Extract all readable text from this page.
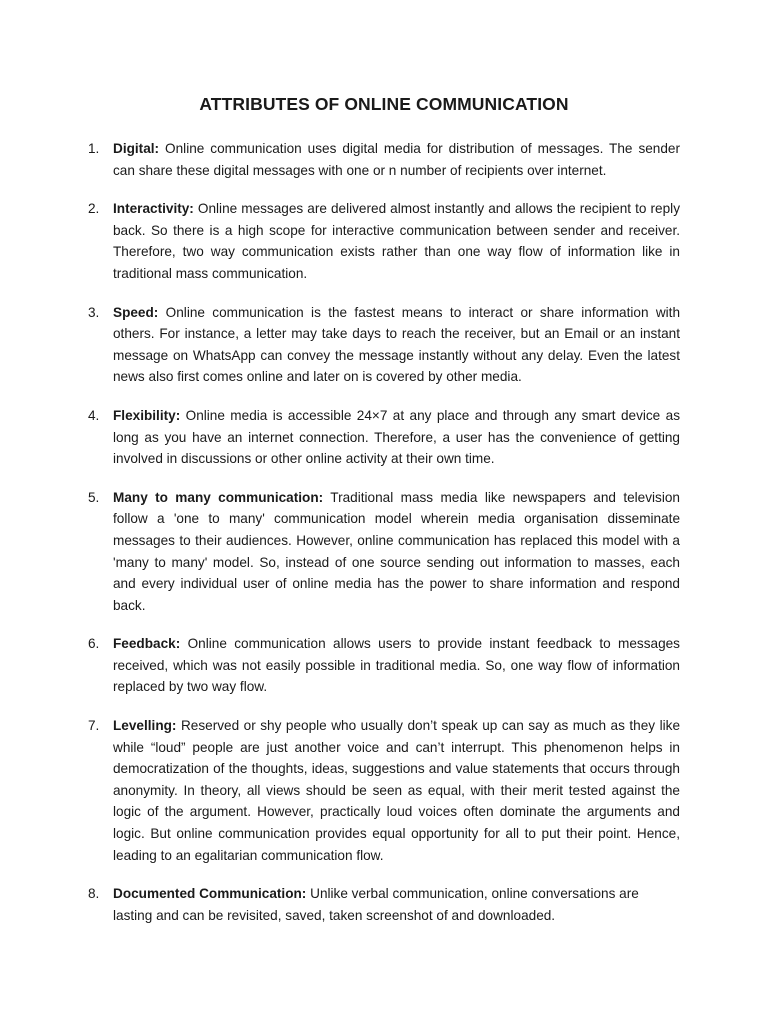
ATTRIBUTES OF ONLINE COMMUNICATION
1. Digital: Online communication uses digital media for distribution of messages. The sender can share these digital messages with one or n number of recipients over internet.
2. Interactivity: Online messages are delivered almost instantly and allows the recipient to reply back. So there is a high scope for interactive communication between sender and receiver. Therefore, two way communication exists rather than one way flow of information like in traditional mass communication.
3. Speed: Online communication is the fastest means to interact or share information with others. For instance, a letter may take days to reach the receiver, but an Email or an instant message on WhatsApp can convey the message instantly without any delay. Even the latest news also first comes online and later on is covered by other media.
4. Flexibility: Online media is accessible 24×7 at any place and through any smart device as long as you have an internet connection. Therefore, a user has the convenience of getting involved in discussions or other online activity at their own time.
5. Many to many communication: Traditional mass media like newspapers and television follow a 'one to many' communication model wherein media organisation disseminate messages to their audiences. However, online communication has replaced this model with a 'many to many' model. So, instead of one source sending out information to masses, each and every individual user of online media has the power to share information and respond back.
6. Feedback: Online communication allows users to provide instant feedback to messages received, which was not easily possible in traditional media. So, one way flow of information replaced by two way flow.
7. Levelling: Reserved or shy people who usually don’t speak up can say as much as they like while “loud” people are just another voice and can’t interrupt. This phenomenon helps in democratization of the thoughts, ideas, suggestions and value statements that occurs through anonymity. In theory, all views should be seen as equal, with their merit tested against the logic of the argument. However, practically loud voices often dominate the arguments and logic. But online communication provides equal opportunity for all to put their point. Hence, leading to an egalitarian communication flow.
8. Documented Communication: Unlike verbal communication, online conversations are lasting and can be revisited, saved, taken screenshot of and downloaded.
